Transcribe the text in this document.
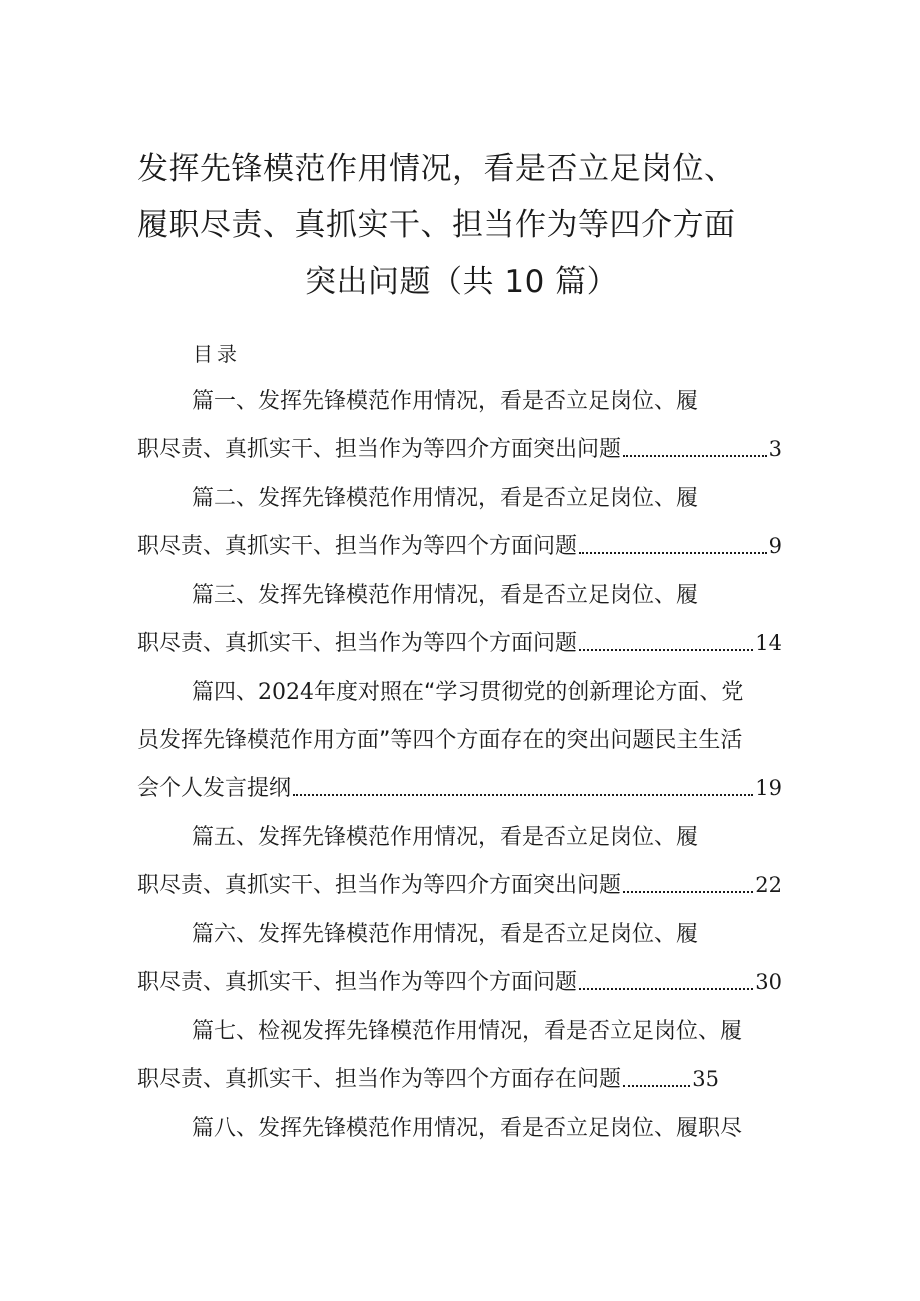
发挥先锋模范作用情况，看是否立足岗位、
履职尽责、真抓实干、担当作为等四介方面
突出问题（共 10 篇）
目录
篇一、发挥先锋模范作用情况，看是否立足岗位、履
职尽责、真抓实干、担当作为等四介方面突出问题	3
篇二、发挥先锋模范作用情况，看是否立足岗位、履
职尽责、真抓实干、担当作为等四个方面问题	9
篇三、发挥先锋模范作用情况，看是否立足岗位、履
职尽责、真抓实干、担当作为等四个方面问题	14
篇四、2024年度对照在“学习贯彻党的创新理论方面、党
员发挥先锋模范作用方面”等四个方面存在的突出问题民主生活
会个人发言提纲	19
篇五、发挥先锋模范作用情况，看是否立足岗位、履
职尽责、真抓实干、担当作为等四介方面突出问题	22
篇六、发挥先锋模范作用情况，看是否立足岗位、履
职尽责、真抓实干、担当作为等四个方面问题	30
篇七、检视发挥先锋模范作用情况，看是否立足岗位、履
职尽责、真抓实干、担当作为等四个方面存在问题	35
篇八、发挥先锋模范作用情况，看是否立足岗位、履职尽
